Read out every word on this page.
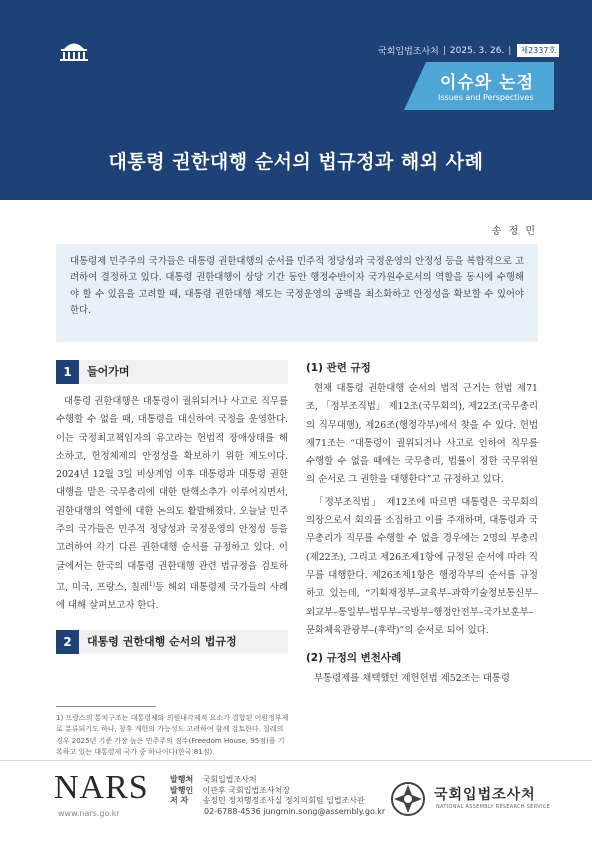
국회입법조사처 | 2025. 3. 26. |	제2337호
이슈와 논점
Issues and Perspectives
대통령 권한대행 순서의 법규정과 해외 사례
송 정 민
대통령제 민주주의 국가들은 대통령 권한대행의 순서를 민주적 정당성과 국정운영의 안정성 등을 복합적으로 고려하여 결정하고 있다. 대통령 권한대행이 상당 기간 동안 행정수반이자 국가원수로서의 역할을 동시에 수행해야 할 수 있음을 고려할 때, 대통령 권한대행 제도는 국정운영의 공백을 최소화하고 안정성을 확보할 수 있어야 한다.
1	들어가며

대통령 권한대행은 대통령이 궐위되거나 사고로 직무를 수행할 수 없을 때, 대통령을 대신하여 국정을 운영한다. 이는 국정최고책임자의 유고라는 헌법적 장애상태를 해소하고, 헌정체제의 안정성을 확보하기 위한 제도이다. 2024년 12월 3일 비상계엄 이후 대통령과 대통령 권한대행을 맡은 국무총리에 대한 탄핵소추가 이루어지면서, 권한대행의 역할에 대한 논의도 활발해졌다. 오늘날 민주주의 국가들은 민주적 정당성과 국정운영의 안정성 등을 고려하여 각기 다른 권한대행 순서를 규정하고 있다. 이 글에서는 한국의 대통령 권한대행 관련 법규정을 검토하고, 미국, 프랑스, 칠레$^{1)}$등 해외 대통령제 국가들의 사례에 대해 살펴보고자 한다.

2	대통령 권한대행 순서의 법규정
(1) 관련 규정

현재 대통령 권한대행 순서의 법적 근거는 헌법 제71조, 「정부조직법」 제12조(국무회의), 제22조(국무총리의 직무대행), 제26조(행정각부)에서 찾을 수 있다. 헌법 제71조는 “대통령이 궐위되거나 사고로 인하여 직무를 수행할 수 없을 때에는 국무총리, 법률이 정한 국무위원의 순서로 그 권한을 대행한다”고 규정하고 있다.

「정부조직법」 제12조에 따르면 대통령은 국무회의 의장으로서 회의를 소집하고 이를 주재하며, 대통령과 국무총리가 직무를 수행할 수 없을 경우에는 2명의 부총리(제22조), 그리고 제26조제1항에 규정된 순서에 따라 직무를 대행한다. 제26조제1항은 행정각부의 순서를 규정하고 있는데, “기획재정부–교육부–과학기술정보통신부–외교부–통일부–법무부–국방부–행정안전부–국가보훈부–문화체육관광부–(후략)”의 순서로 되어 있다.

(2) 규정의 변천사례

부통령제를 채택했던 제헌헌법 제52조는 대통령

1) 프랑스의 통치구조는 대통령제와 의원내각제적 요소가 결합된 이원정부제로 분류되기도 하나, 창후 개헌의 가능성도 고려하여 함께 검토한다. 칠레의 경우 2025년 기준 가장 높은 민주주의 점수(Freedom House, 95점)을 기록하고 있는 대통령제 국가 중 하나이다(한국 81점).
NARS
www.nars.go.kr
발행처 국회입법조사처
발행인 이관후 국회입법조사처장
저 자 송정민 정치행정조사실 정치의회팀 입법조사관
02-6788-4536 jungmin.song@assembly.go.kr
국회입법조사처
NATIONAL ASSEMBLY RESEARCH SERVICE
